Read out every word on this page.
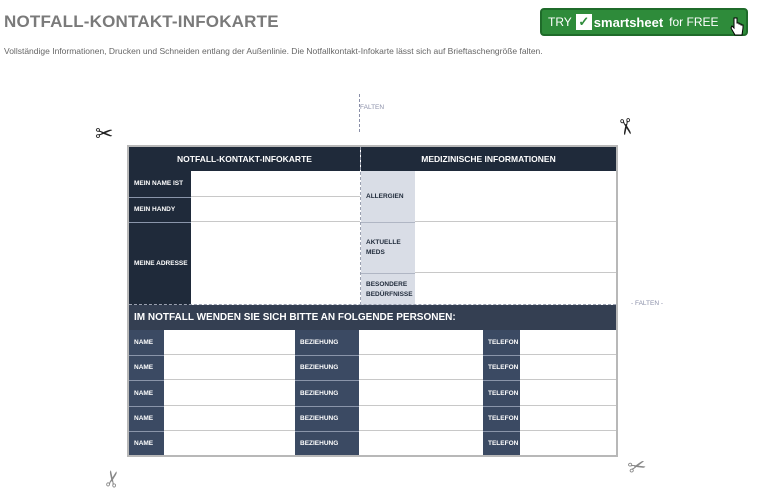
NOTFALL-KONTAKT-INFOKARTE
Vollständige Informationen, Drucken und Schneiden entlang der Außenlinie. Die Notfallkontakt-Infokarte lässt sich auf Brieftaschengröße falten.
TRY ✓ smartsheet for FREE
FALTEN
- FALTEN -
✂	✂
✂	✂
NOTFALL-KONTAKT-INFOKARTE	MEDIZINISCHE INFORMATIONEN
MEIN NAME IST
MEIN HANDY
MEINE ADRESSE
ALLERGIEN
AKTUELLE MEDS
BESONDERE BEDÜRFNISSE
IM NOTFALL WENDEN SIE SICH BITTE AN FOLGENDE PERSONEN:
NAME	BEZIEHUNG	TELEFON
NAME	BEZIEHUNG	TELEFON
NAME	BEZIEHUNG	TELEFON
NAME	BEZIEHUNG	TELEFON
NAME	BEZIEHUNG	TELEFON
